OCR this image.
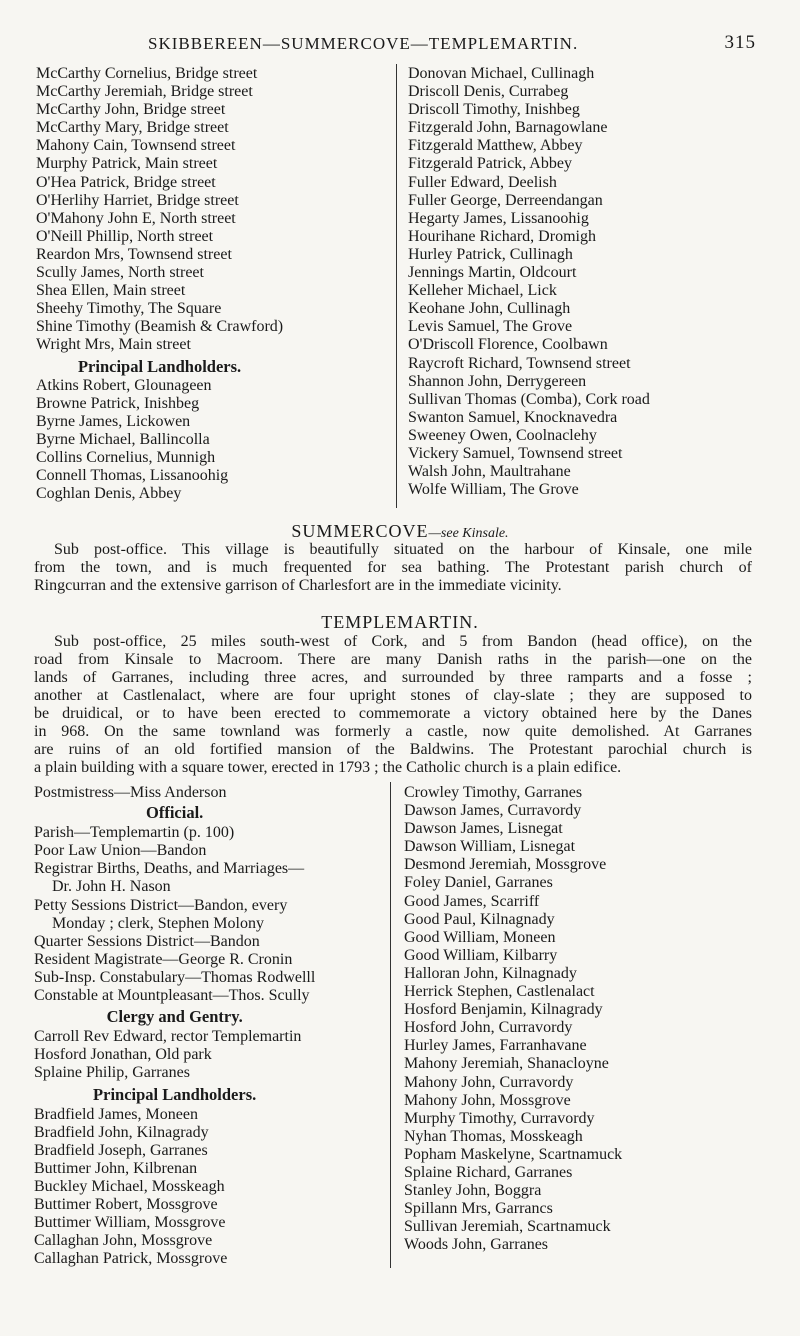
SKIBBEREEN—SUMMERCOVE—TEMPLEMARTIN.	315
McCarthy Cornelius, Bridge street
McCarthy Jeremiah, Bridge street
McCarthy John, Bridge street
McCarthy Mary, Bridge street
Mahony Cain, Townsend street
Murphy Patrick, Main street
O'Hea Patrick, Bridge street
O'Herlihy Harriet, Bridge street
O'Mahony John E, North street
O'Neill Phillip, North street
Reardon Mrs, Townsend street
Scully James, North street
Shea Ellen, Main street
Sheehy Timothy, The Square
Shine Timothy (Beamish & Crawford)
Wright Mrs, Main street
Principal Landholders.
Atkins Robert, Glounageen
Browne Patrick, Inishbeg
Byrne James, Lickowen
Byrne Michael, Ballincolla
Collins Cornelius, Munnigh
Connell Thomas, Lissanoohig
Coghlan Denis, Abbey
Donovan Michael, Cullinagh
Driscoll Denis, Currabeg
Driscoll Timothy, Inishbeg
Fitzgerald John, Barnagowlane
Fitzgerald Matthew, Abbey
Fitzgerald Patrick, Abbey
Fuller Edward, Deelish
Fuller George, Derreendangan
Hegarty James, Lissanoohig
Hourihane Richard, Dromigh
Hurley Patrick, Cullinagh
Jennings Martin, Oldcourt
Kelleher Michael, Lick
Keohane John, Cullinagh
Levis Samuel, The Grove
O'Driscoll Florence, Coolbawn
Raycroft Richard, Townsend street
Shannon John, Derrygereen
Sullivan Thomas (Comba), Cork road
Swanton Samuel, Knocknavedra
Sweeney Owen, Coolnaclehy
Vickery Samuel, Townsend street
Walsh John, Maultrahane
Wolfe William, The Grove
SUMMERCOVE—see Kinsale.
Sub post-office. This village is beautifully situated on the harbour of Kinsale, one mile
from the town, and is much frequented for sea bathing. The Protestant parish church of
Ringcurran and the extensive garrison of Charlesfort are in the immediate vicinity.
TEMPLEMARTIN.
Sub post-office, 25 miles south-west of Cork, and 5 from Bandon (head office), on the
road from Kinsale to Macroom. There are many Danish raths in the parish—one on the
lands of Garranes, including three acres, and surrounded by three ramparts and a fosse ;
another at Castlenalact, where are four upright stones of clay-slate ; they are supposed to
be druidical, or to have been erected to commemorate a victory obtained here by the Danes
in 968. On the same townland was formerly a castle, now quite demolished. At Garranes
are ruins of an old fortified mansion of the Baldwins. The Protestant parochial church is
a plain building with a square tower, erected in 1793 ; the Catholic church is a plain edifice.
Postmistress—Miss Anderson
Official.
Parish—Templemartin (p. 100)
Poor Law Union—Bandon
Registrar Births, Deaths, and Marriages—
Dr. John H. Nason
Petty Sessions District—Bandon, every
Monday ; clerk, Stephen Molony
Quarter Sessions District—Bandon
Resident Magistrate—George R. Cronin
Sub-Insp. Constabulary—Thomas Rodwelll
Constable at Mountpleasant—Thos. Scully
Clergy and Gentry.
Carroll Rev Edward, rector Templemartin
Hosford Jonathan, Old park
Splaine Philip, Garranes
Principal Landholders.
Bradfield James, Moneen
Bradfield John, Kilnagrady
Bradfield Joseph, Garranes
Buttimer John, Kilbrenan
Buckley Michael, Mosskeagh
Buttimer Robert, Mossgrove
Buttimer William, Mossgrove
Callaghan John, Mossgrove
Callaghan Patrick, Mossgrove
Crowley Timothy, Garranes
Dawson James, Curravordy
Dawson James, Lisnegat
Dawson William, Lisnegat
Desmond Jeremiah, Mossgrove
Foley Daniel, Garranes
Good James, Scarriff
Good Paul, Kilnagnady
Good William, Moneen
Good William, Kilbarry
Halloran John, Kilnagnady
Herrick Stephen, Castlenalact
Hosford Benjamin, Kilnagrady
Hosford John, Curravordy
Hurley James, Farranhavane
Mahony Jeremiah, Shanacloyne
Mahony John, Curravordy
Mahony John, Mossgrove
Murphy Timothy, Curravordy
Nyhan Thomas, Mosskeagh
Popham Maskelyne, Scartnamuck
Splaine Richard, Garranes
Stanley John, Boggra
Spillann Mrs, Garrancs
Sullivan Jeremiah, Scartnamuck
Woods John, Garranes
